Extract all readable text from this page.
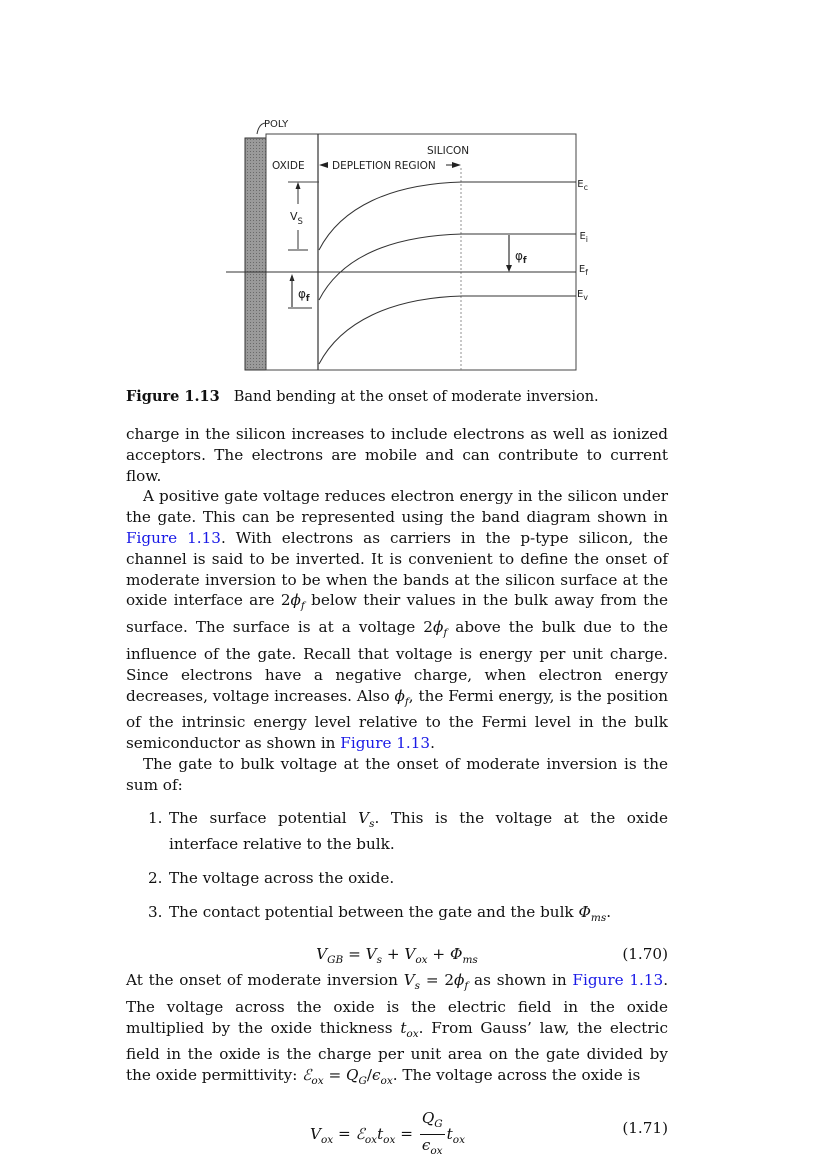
POLY
SILICON
OXIDE	DEPLETION REGION
$E_c$
$E_i$
$E_f$
$E_v$
$V_S$
$\varphi_f$
$\varphi_f$
Figure 1.13 Band bending at the onset of moderate inversion.

charge in the silicon increases to include electrons as well as ionized acceptors. The electrons are mobile and can contribute to current flow.

A positive gate voltage reduces electron energy in the silicon under the gate. This can be represented using the band diagram shown in Figure 1.13. With electrons as carriers in the p-type silicon, the channel is said to be inverted. It is convenient to define the onset of moderate inversion to be when the bands at the silicon surface at the oxide interface are $2\phi_f$ below their values in the bulk away from the surface. The surface is at a voltage $2\phi_f$ above the bulk due to the influence of the gate. Recall that voltage is energy per unit charge. Since electrons have a negative charge, when electron energy decreases, voltage increases. Also $\phi_f$, the Fermi energy, is the position of the intrinsic energy level relative to the Fermi level in the bulk semiconductor as shown in Figure 1.13.

The gate to bulk voltage at the onset of moderate inversion is the sum of:

1. The surface potential $V_s$. This is the voltage at the oxide interface relative to the bulk.
2. The voltage across the oxide.
3. The contact potential between the gate and the bulk $\Phi_{ms}$.
$V_{GB} = V_s + V_{ox} + \Phi_{ms}$	(1.70)

At the onset of moderate inversion $V_s = 2\phi_f$ as shown in Figure 1.13. The voltage across the oxide is the electric field in the oxide multiplied by the oxide thickness $t_{ox}$. From Gauss’ law, the electric field in the oxide is the charge per unit area on the gate divided by the oxide permittivity: ℰ$_{ox}$ = $Q_G/\epsilon_{ox}$. The voltage across the oxide is

$V_{ox}$ = $ℰ_{ox}t_{ox} = \frac{Q_G}{\epsilon_{ox}} t_{ox}$
(1.71)
